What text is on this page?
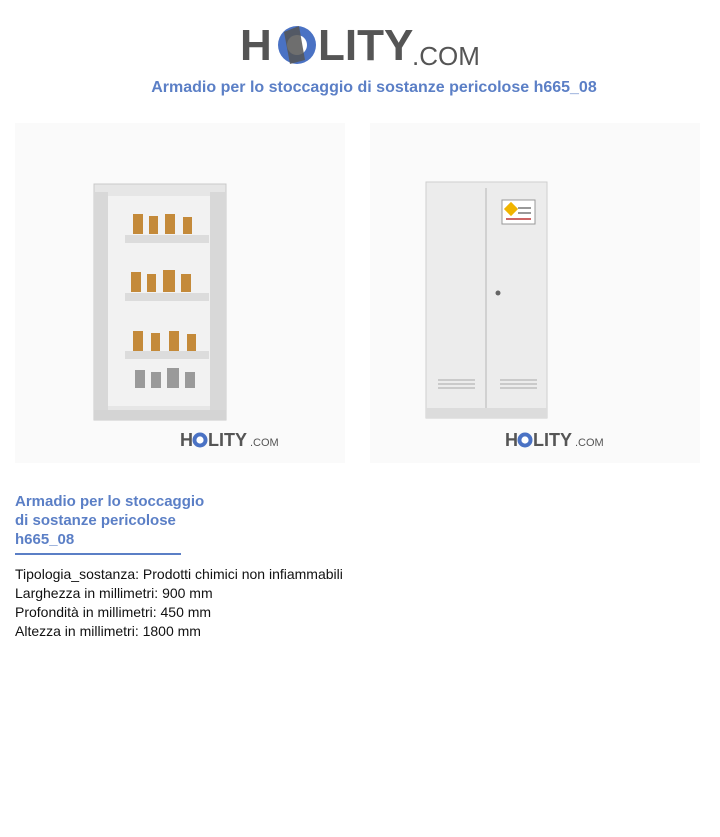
H LITY
.COM
Armadio per lo stoccaggio di sostanze pericolose h665_08
H LITY .COM	H LITY .COM
Armadio per lo stoccaggio di sostanze pericolose h665_08
Tipologia_sostanza: Prodotti chimici non infiammabili
Larghezza in millimetri: 900 mm
Profondità in millimetri: 450 mm
Altezza in millimetri: 1800 mm
